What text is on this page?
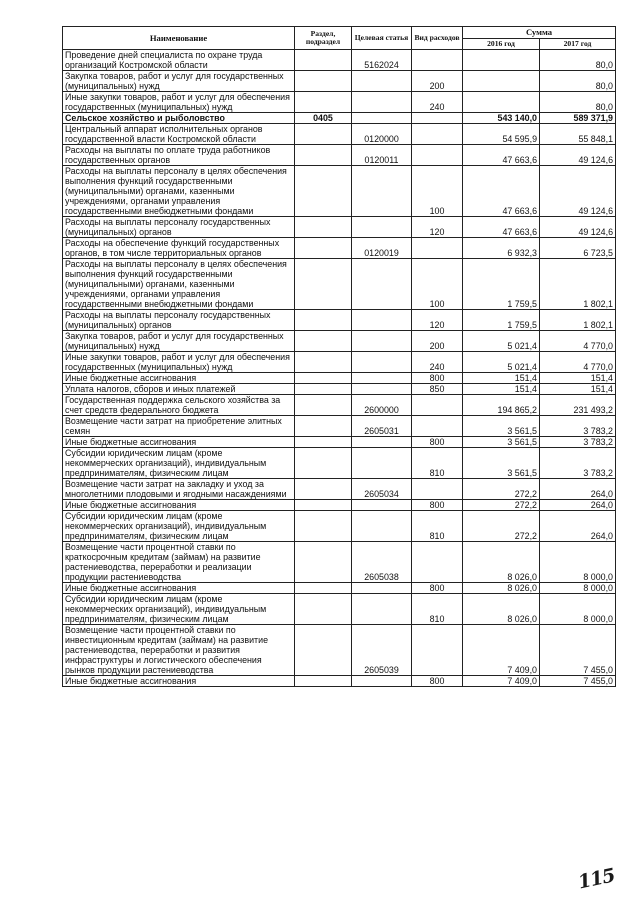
Наименование	Раздел, подраздел	Целевая статья	Вид расходов	Сумма	
				2016 год	2017 год
Проведение дней специалиста по охране труда организаций Костромской области		5162024			80,0
Закупка товаров, работ и услуг для государственных (муниципальных) нужд			200		80,0
Иные закупки товаров, работ и услуг для обеспечения государственных (муниципальных) нужд			240		80,0
Сельское хозяйство и рыболовство	0405			543 140,0	589 371,9
Центральный аппарат исполнительных органов государственной власти Костромской области		0120000		54 595,9	55 848,1
Расходы на выплаты по оплате труда работников государственных органов		0120011		47 663,6	49 124,6
Расходы на выплаты персоналу в целях обеспечения выполнения функций государственными (муниципальными) органами, казенными учреждениями, органами управления государственными внебюджетными фондами			100	47 663,6	49 124,6
Расходы на выплаты персоналу государственных (муниципальных) органов			120	47 663,6	49 124,6
Расходы на обеспечение функций государственных органов, в том числе территориальных органов		0120019		6 932,3	6 723,5
Расходы на выплаты персоналу в целях обеспечения выполнения функций государственными (муниципальными) органами, казенными учреждениями, органами управления государственными внебюджетными фондами			100	1 759,5	1 802,1
Расходы на выплаты персоналу государственных (муниципальных) органов			120	1 759,5	1 802,1
Закупка товаров, работ и услуг для государственных (муниципальных) нужд			200	5 021,4	4 770,0
Иные закупки товаров, работ и услуг для обеспечения государственных (муниципальных) нужд			240	5 021,4	4 770,0
Иные бюджетные ассигнования			800	151,4	151,4
Уплата налогов, сборов и иных платежей			850	151,4	151,4
Государственная поддержка сельского хозяйства за счет средств федерального бюджета		2600000		194 865,2	231 493,2
Возмещение части затрат на приобретение элитных семян		2605031		3 561,5	3 783,2
Иные бюджетные ассигнования			800	3 561,5	3 783,2
Субсидии юридическим лицам (кроме некоммерческих организаций), индивидуальным предпринимателям, физическим лицам			810	3 561,5	3 783,2
Возмещение части затрат на закладку и уход за многолетними плодовыми и ягодными насаждениями		2605034		272,2	264,0
Иные бюджетные ассигнования			800	272,2	264,0
Субсидии юридическим лицам (кроме некоммерческих организаций), индивидуальным предпринимателям, физическим лицам			810	272,2	264,0
Возмещение части процентной ставки по краткосрочным кредитам (займам) на развитие растениеводства, переработки и реализации продукции растениеводства		2605038		8 026,0	8 000,0
Иные бюджетные ассигнования			800	8 026,0	8 000,0
Субсидии юридическим лицам (кроме некоммерческих организаций), индивидуальным предпринимателям, физическим лицам			810	8 026,0	8 000,0
Возмещение части процентной ставки по инвестиционным кредитам (займам) на развитие растениеводства, переработки и развития инфраструктуры и логистического обеспечения рынков продукции растениеводства		2605039		7 409,0	7 455,0
Иные бюджетные ассигнования			800	7 409,0	7 455,0
115
